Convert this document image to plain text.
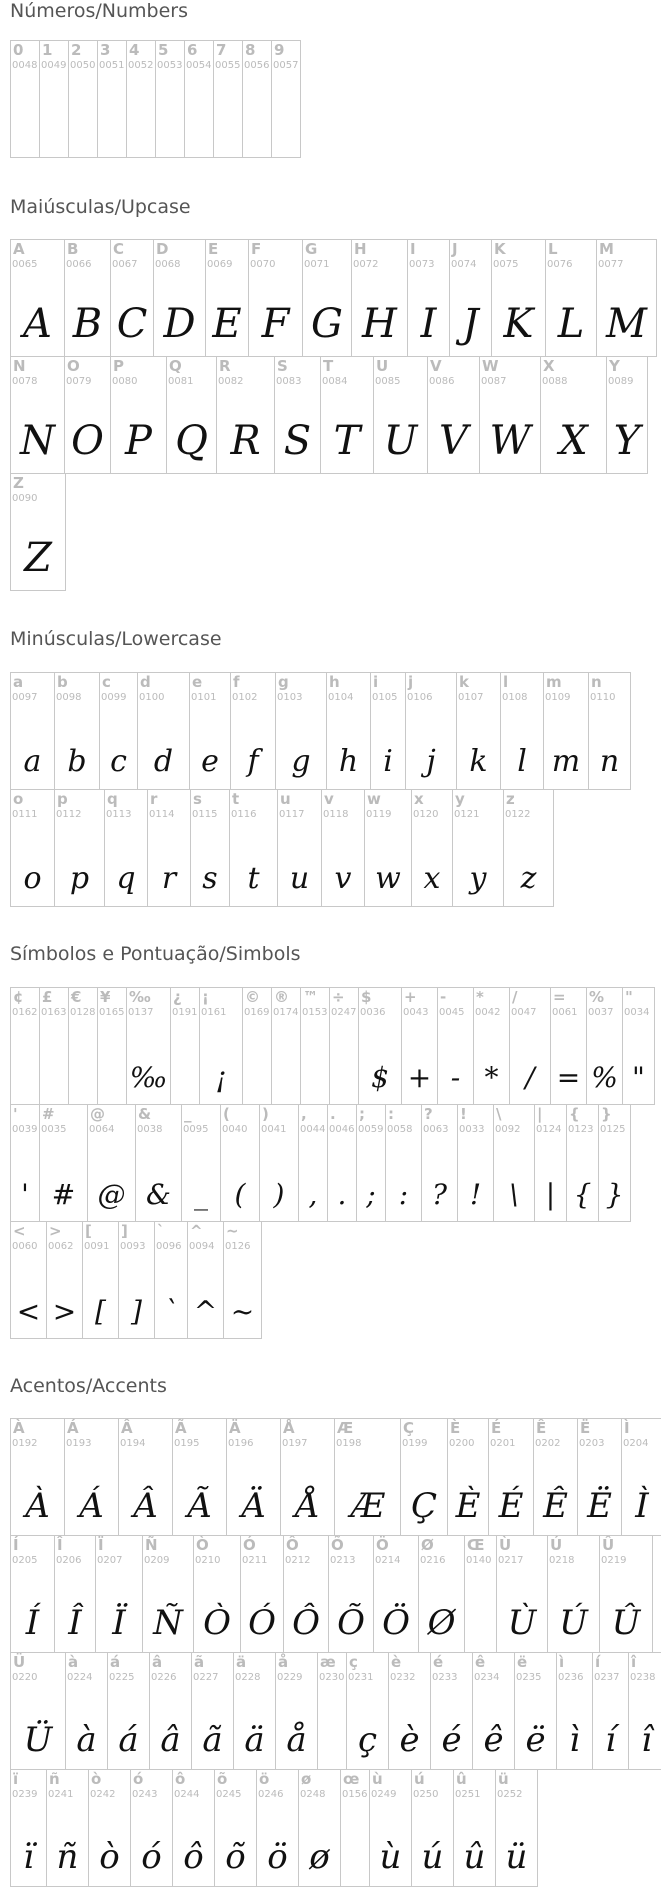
Números/Numbers
0
0048
1
0049
2
0050
3
0051
4
0052
5
0053
6
0054
7
0055
8
0056
9
0057
Maiúsculas/Upcase
A
0065
A
B
0066
B
C
0067
C
D
0068
D
E
0069
E
F
0070
F
G
0071
G
H
0072
H
I
0073
I
J
0074
J
K
0075
K
L
0076
L
M
0077
M
N
0078
N
O
0079
O
P
0080
P
Q
0081
Q
R
0082
R
S
0083
S
T
0084
T
U
0085
U
V
0086
V
W
0087
W
X
0088
X
Y
0089
Y
Z
0090
Z
Minúsculas/Lowercase
a
0097
a
b
0098
b
c
0099
c
d
0100
d
e
0101
e
f
0102
f
g
0103
g
h
0104
h
i
0105
i
j
0106
j
k
0107
k
l
0108
l
m
0109
m
n
0110
n
o
0111
o
p
0112
p
q
0113
q
r
0114
r
s
0115
s
t
0116
t
u
0117
u
v
0118
v
w
0119
w
x
0120
x
y
0121
y
z
0122
z
Símbolos e Pontuação/Simbols
¢
0162
£
0163
€
0128
¥
0165
‰
0137
‰
¿
0191
¡
0161
¡
©
0169
®
0174
™
0153
÷
0247
$
0036
$
+
0043
+
-
0045
-
*
0042
*
/
0047
/
=
0061
=
%
0037
%
"
0034
"
'
0039
'
#
0035
#
@
0064
@
&
0038
&
_
0095
_
(
0040
(
)
0041
)
,
0044
,
.
0046
.
;
0059
;
:
0058
:
?
0063
?
!
0033
!
\
0092
\
|
0124
|
{
0123
{
}
0125
}
<
0060
<
>
0062
>
[
0091
[
]
0093
]
`
0096
`
^
0094
^
~
0126
~
Acentos/Accents
À
0192
À
Á
0193
Á
Â
0194
Â
Ã
0195
Ã
Ä
0196
Ä
Å
0197
Å
Æ
0198
Æ
Ç
0199
Ç
È
0200
È
É
0201
É
Ê
0202
Ê
Ë
0203
Ë
Ì
0204
Ì
Í
0205
Í
Î
0206
Î
Ï
0207
Ï
Ñ
0209
Ñ
Ò
0210
Ò
Ó
0211
Ó
Ô
0212
Ô
Õ
0213
Õ
Ö
0214
Ö
Ø
0216
Ø
Œ
0140
Ù
0217
Ù
Ú
0218
Ú
Û
0219
Û
Ü
0220
Ü
à
0224
à
á
0225
á
â
0226
â
ã
0227
ã
ä
0228
ä
å
0229
å
æ
0230
ç
0231
ç
è
0232
è
é
0233
é
ê
0234
ê
ë
0235
ë
ì
0236
ì
í
0237
í
î
0238
î
ï
0239
ï
ñ
0241
ñ
ò
0242
ò
ó
0243
ó
ô
0244
ô
õ
0245
õ
ö
0246
ö
ø
0248
ø
œ
0156
ù
0249
ù
ú
0250
ú
û
0251
û
ü
0252
ü
